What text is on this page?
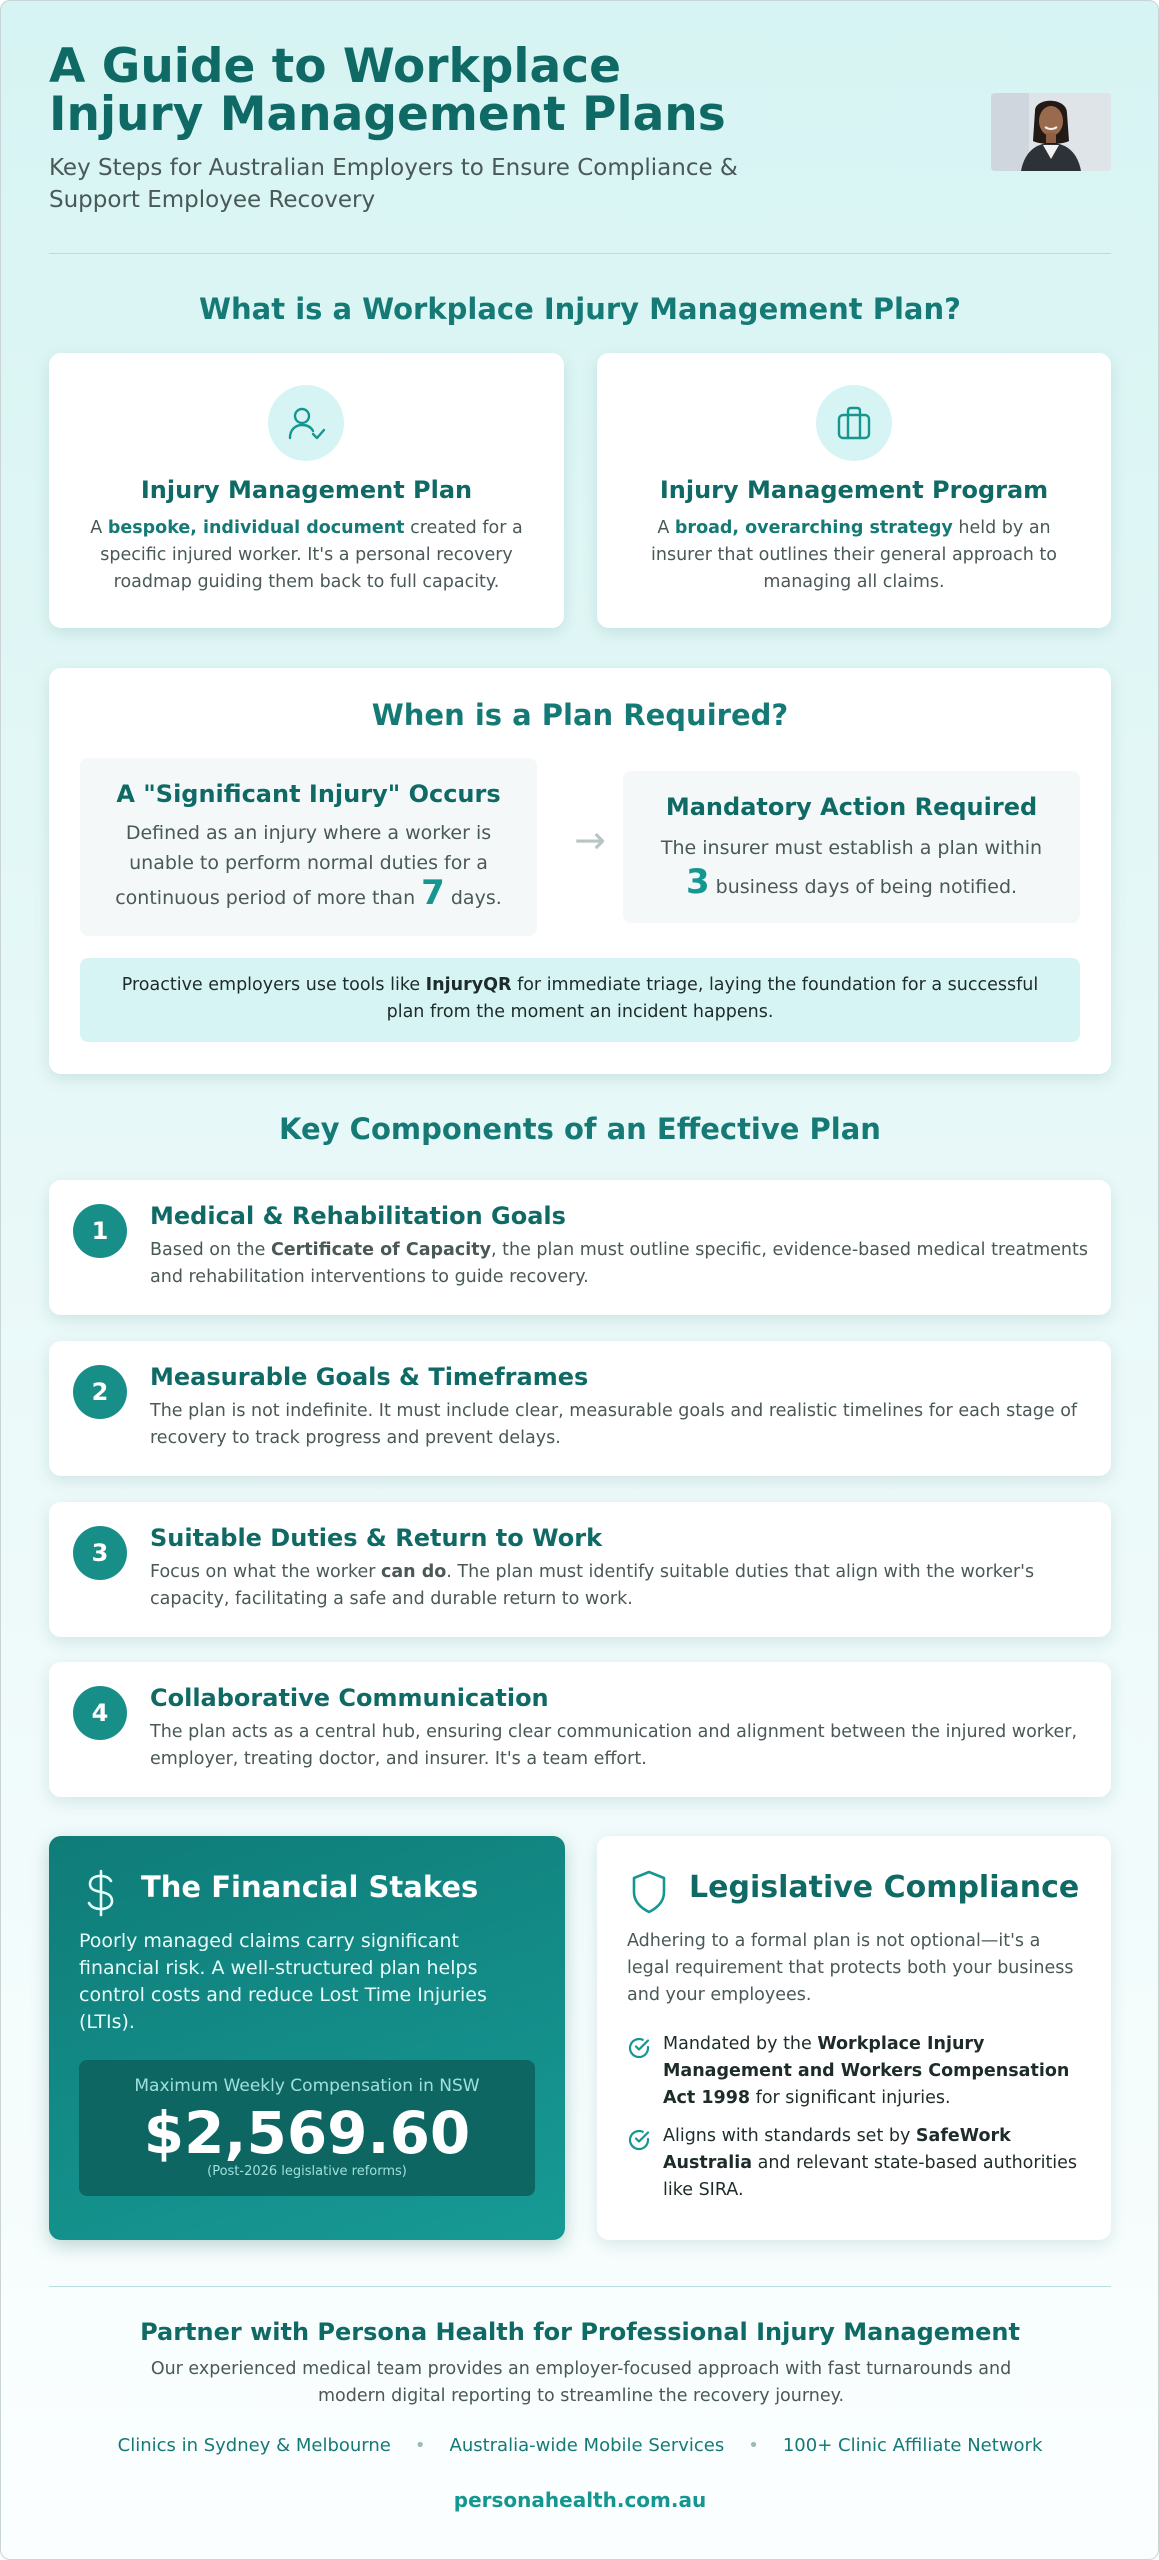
A Guide to Workplace Injury Management Plans

Key Steps for Australian Employers to Ensure Compliance & Support Employee Recovery

What is a Workplace Injury Management Plan?
Injury Management Plan

A bespoke, individual document created for a specific injured worker. It's a personal recovery roadmap guiding them back to full capacity.

Injury Management Program

A broad, overarching strategy held by an insurer that outlines their general approach to managing all claims.

When is a Plan Required?
A "Significant Injury" Occurs

Defined as an injury where a worker is unable to perform normal duties for a continuous period of more than 7 days.

→
Mandatory Action Required

The insurer must establish a plan within 3 business days of being notified.

Proactive employers use tools like InjuryQR for immediate triage, laying the foundation for a successful plan from the moment an incident happens.
Key Components of an Effective Plan
1
Medical & Rehabilitation Goals

Based on the Certificate of Capacity, the plan must outline specific, evidence-based medical treatments and rehabilitation interventions to guide recovery.

2
Measurable Goals & Timeframes

The plan is not indefinite. It must include clear, measurable goals and realistic timelines for each stage of recovery to track progress and prevent delays.

3
Suitable Duties & Return to Work

Focus on what the worker can do. The plan must identify suitable duties that align with the worker's capacity, facilitating a safe and durable return to work.

4
Collaborative Communication

The plan acts as a central hub, ensuring clear communication and alignment between the injured worker, employer, treating doctor, and insurer. It's a team effort.

The Financial Stakes

Poorly managed claims carry significant financial risk. A well-structured plan helps control costs and reduce Lost Time Injuries (LTIs).

Maximum Weekly Compensation in NSW
$2,569.60
(Post-2026 legislative reforms)
Legislative Compliance

Adhering to a formal plan is not optional—it's a legal requirement that protects both your business and your employees.

Mandated by the Workplace Injury Management and Workers Compensation Act 1998 for significant injuries.

Aligns with standards set by SafeWork Australia and relevant state-based authorities like SIRA.

Partner with Persona Health for Professional Injury Management

Our experienced medical team provides an employer-focused approach with fast turnarounds and modern digital reporting to streamline the recovery journey.

Clinics in Sydney & Melbourne • Australia-wide Mobile Services • 100+ Clinic Affiliate Network
personahealth.com.au
